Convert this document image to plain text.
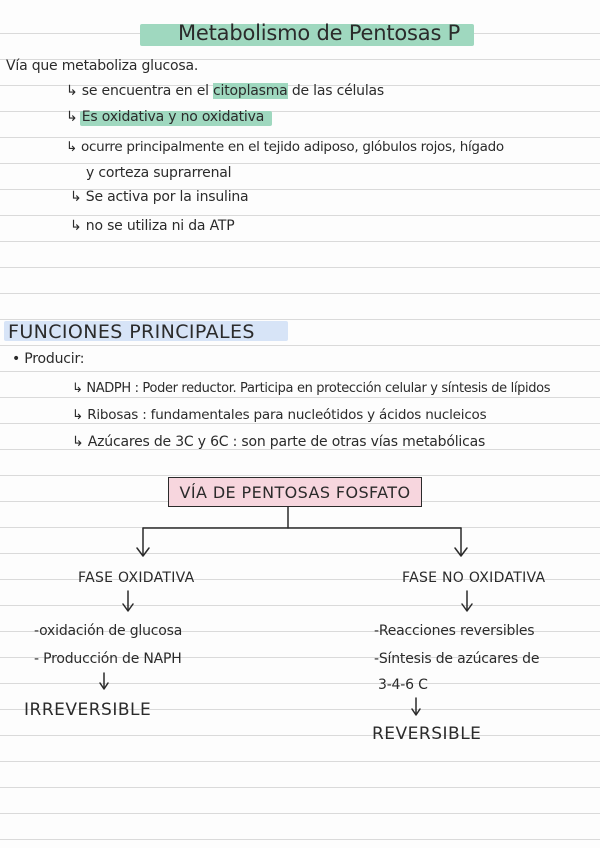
Metabolismo de Pentosas P
Vía que metaboliza glucosa.
↳ se encuentra en el citoplasma de las células
↳ Es oxidativa y no oxidativa
↳ ocurre principalmente en el tejido adiposo, glóbulos rojos, hígado
y corteza suprarrenal
↳ Se activa por la insulina
↳ no se utiliza ni da ATP
FUNCIONES PRINCIPALES
• Producir:
↳ NADPH : Poder reductor. Participa en protección celular y síntesis de lípidos
↳ Ribosas : fundamentales para nucleótidos y ácidos nucleicos
↳ Azúcares de 3C y 6C : son parte de otras vías metabólicas
VÍA DE PENTOSAS FOSFATO
FASE OXIDATIVA
-oxidación de glucosa
- Producción de NAPH
IRREVERSIBLE
FASE NO OXIDATIVA
-Reacciones reversibles
-Síntesis de azúcares de
3-4-6 C
REVERSIBLE
